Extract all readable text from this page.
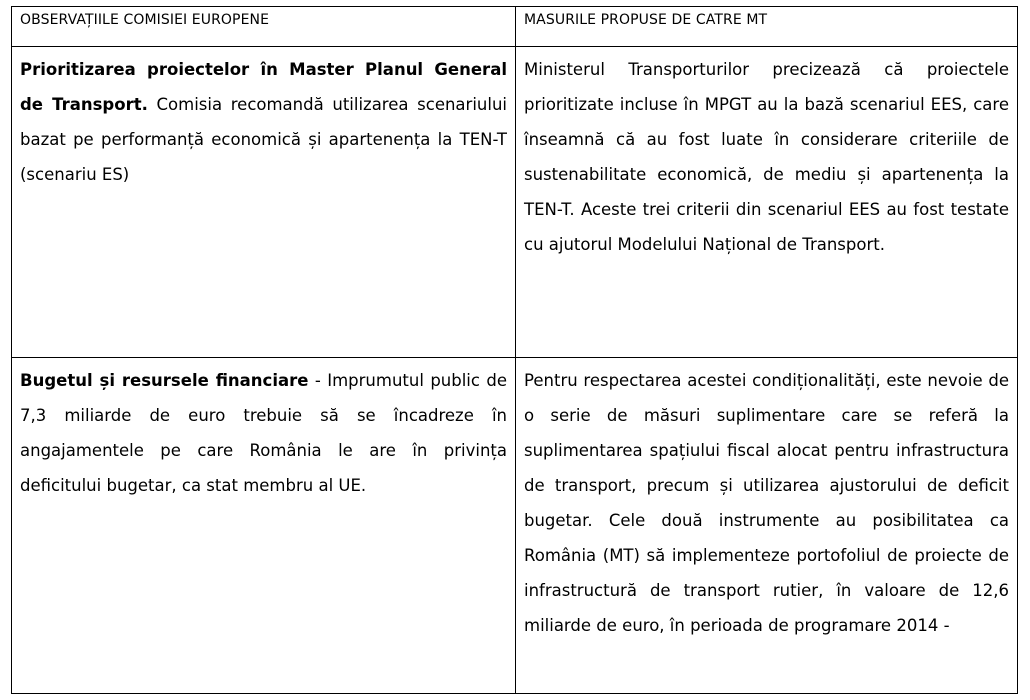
OBSERVAȚIILE COMISIEI EUROPENE	MASURILE PROPUSE DE CATRE MT

Prioritizarea proiectelor în Master Planul General de Transport. Comisia recomandă utilizarea scenariului bazat pe performanță economică și apartenența la TEN-T (scenariu ES)	Ministerul Transporturilor precizează că proiectele prioritizate incluse în MPGT au la bază scenariul EES, care înseamnă că au fost luate în considerare criteriile de sustenabilitate economică, de mediu și apartenența la TEN-T. Aceste trei criterii din scenariul EES au fost testate cu ajutorul Modelului Național de Transport.

Bugetul și resursele financiare - Imprumutul public de 7,3 miliarde de euro trebuie să se încadreze în angajamentele pe care România le are în privința deficitului bugetar, ca stat membru al UE.	Pentru respectarea acestei condiționalități, este nevoie de o serie de măsuri suplimentare care se referă la suplimentarea spațiului fiscal alocat pentru infrastructura de transport, precum și utilizarea ajustorului de deficit bugetar. Cele două instrumente au posibilitatea ca România (MT) să implementeze portofoliul de proiecte de infrastructură de transport rutier, în valoare de 12,6 miliarde de euro, în perioada de programare 2014 -
